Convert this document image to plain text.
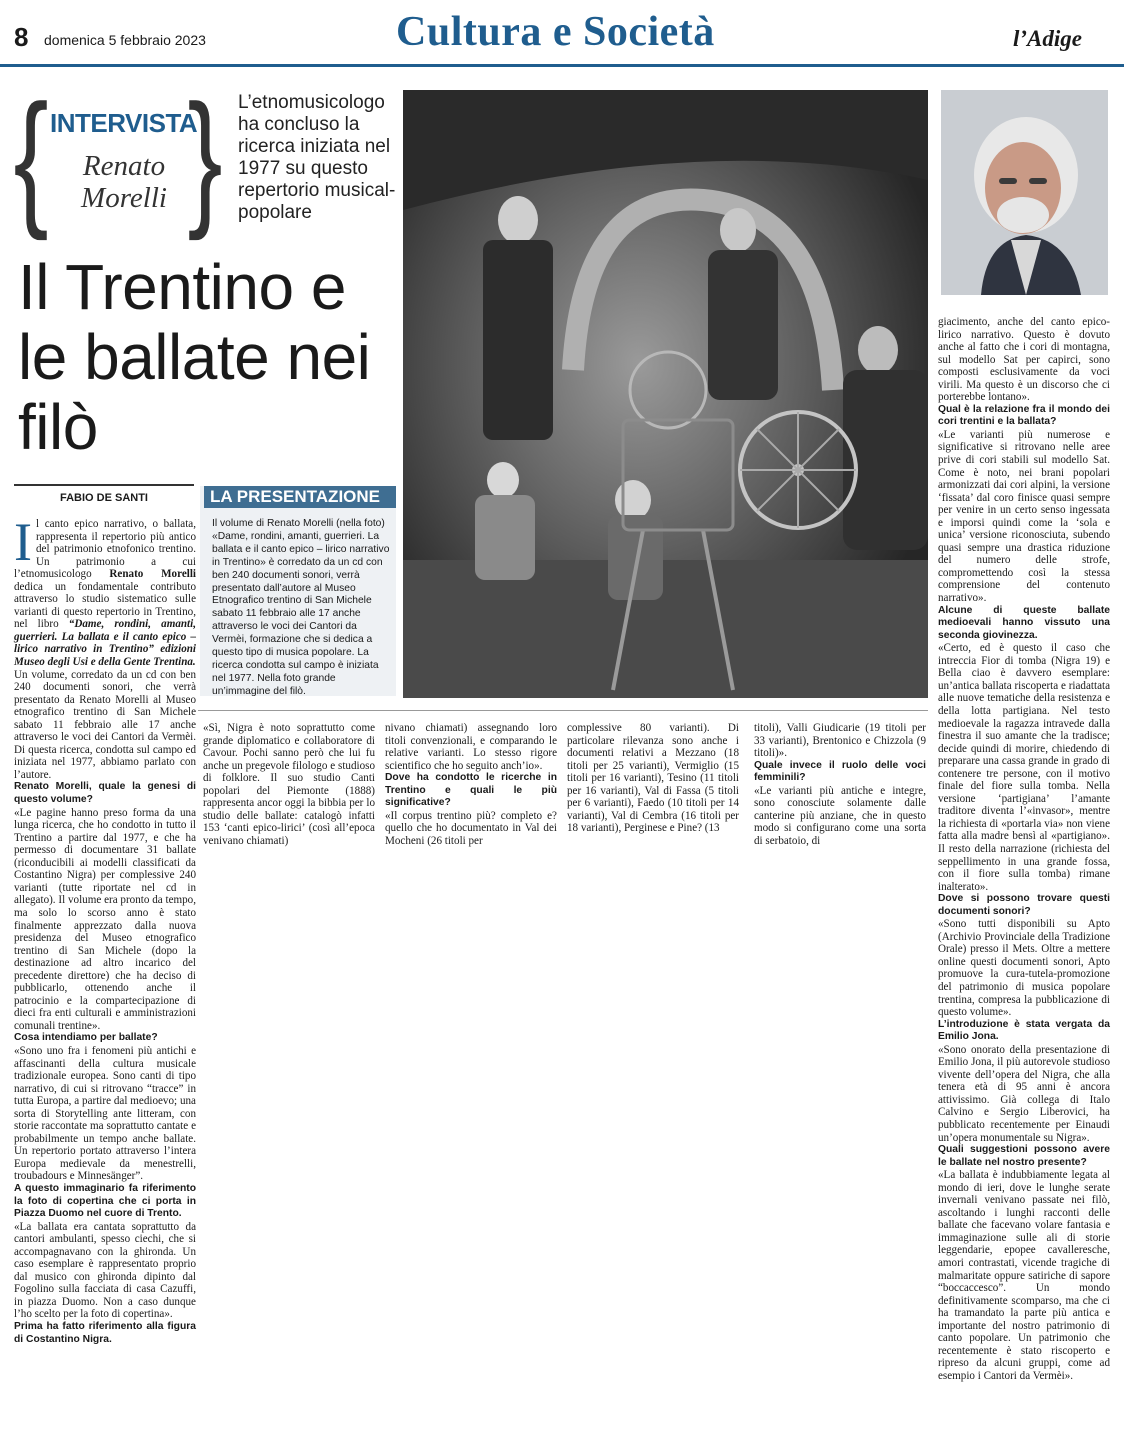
8 domenica 5 febbraio 2023	Cultura e Società	l’Adige
{ }
INTERVISTA
Renato Morelli
L’etnomusicologo ha concluso la ricerca iniziata nel 1977 su questo repertorio musical-popolare
Il Trentino e le ballate nei filò
FABIO DE SANTI	LA PRESENTAZIONE
Il volume di Renato Morelli (nella foto) «Dame, rondini, amanti, guerrieri. La ballata e il canto epico – lirico narrativo in Trentino» è corredato da un cd con ben 240 documenti sonori, verrà presentato dall’autore al Museo Etnografico trentino di San Michele sabato 11 febbraio alle 17 anche attraverso le voci dei Cantori da Vermèi, formazione che si dedica a questo tipo di musica popolare. La ricerca condotta sul campo è iniziata nel 1977. Nella foto grande un’immagine del filò.

Il canto epico narrativo, o ballata, rappresenta il repertorio più antico del patrimonio etnofonico trentino. Un patrimonio a cui l’etnomusicologo Renato Morelli dedica un fondamentale contributo attraverso lo studio sistematico sulle varianti di questo repertorio in Trentino, nel libro “Dame, rondini, amanti, guerrieri. La ballata e il canto epico – lirico narrativo in Trentino” edizioni Museo degli Usi e della Gente Trentina.

Un volume, corredato da un cd con ben 240 documenti sonori, che verrà presentato da Renato Morelli al Museo etnografico trentino di San Michele sabato 11 febbraio alle 17 anche attraverso le voci dei Cantori da Vermèi. Di questa ricerca, condotta sul campo ed iniziata nel 1977, abbiamo parlato con l’autore.

Renato Morelli, quale la genesi di questo volume?

«Le pagine hanno preso forma da una lunga ricerca, che ho condotto in tutto il Trentino a partire dal 1977, e che ha permesso di documentare 31 ballate (riconducibili ai modelli classificati da Costantino Nigra) per complessive 240 varianti (tutte riportate nel cd in allegato). Il volume era pronto da tempo, ma solo lo scorso anno è stato finalmente apprezzato dalla nuova presidenza del Museo etnografico trentino di San Michele (dopo la destinazione ad altro incarico del precedente direttore) che ha deciso di pubblicarlo, ottenendo anche il patrocinio e la compartecipazione di dieci fra enti culturali e amministrazioni comunali trentine».

Cosa intendiamo per ballate?

«Sono uno fra i fenomeni più antichi e affascinanti della cultura musicale tradizionale europea. Sono canti di tipo narrativo, di cui si ritrovano “tracce” in tutta Europa, a partire dal medioevo; una sorta di Storytelling ante litteram, con storie raccontate ma soprattutto cantate e probabilmente un tempo anche ballate. Un repertorio portato attraverso l’intera Europa medievale da menestrelli, troubadours e Minnesänger”.

A questo immaginario fa riferimento la foto di copertina che ci porta in Piazza Duomo nel cuore di Trento.

«La ballata era cantata soprattutto da cantori ambulanti, spesso ciechi, che si accompagnavano con la ghironda. Un caso esemplare è rappresentato proprio dal musico con ghironda dipinto dal Fogolino sulla facciata di casa Cazuffi, in piazza Duomo. Non a caso dunque l’ho scelto per la foto di copertina».

Prima ha fatto riferimento alla figura di Costantino Nigra.

«Sì, Nigra è noto soprattutto come grande diplomatico e collaboratore di Cavour. Pochi sanno però che lui fu anche un pregevole filologo e studioso di folklore. Il suo studio Canti popolari del Piemonte (1888) rappresenta ancor oggi la bibbia per lo studio delle ballate: catalogò infatti 153 ‘canti epico-lirici’ (così all’epoca venivano chiamati)

nivano chiamati) assegnando loro titoli convenzionali, e comparando le relative varianti. Lo stesso rigore scientifico che ho seguito anch’io».

Dove ha condotto le ricerche in Trentino e quali le più significative?

«Il corpus trentino più? completo e? quello che ho documentato in Val dei Mocheni (26 titoli per

complessive 80 varianti). Di particolare rilevanza sono anche i documenti relativi a Mezzano (18 titoli per 25 varianti), Vermiglio (15 titoli per 16 varianti), Tesino (11 titoli per 16 varianti), Val di Fassa (5 titoli per 6 varianti), Faedo (10 titoli per 14 varianti), Val di Cembra (16 titoli per 18 varianti), Perginese e Pine? (13

titoli), Valli Giudicarie (19 titoli per 33 varianti), Brentonico e Chizzola (9 titoli)».

Quale invece il ruolo delle voci femminili?

«Le varianti più antiche e integre, sono conosciute solamente dalle canterine più anziane, che in questo modo si configurano come una sorta di serbatoio, di

giacimento, anche del canto epico-lirico narrativo. Questo è dovuto anche al fatto che i cori di montagna, sul modello Sat per capirci, sono composti esclusivamente da voci virili. Ma questo è un discorso che ci porterebbe lontano».

Qual è la relazione fra il mondo dei cori trentini e la ballata?

«Le varianti più numerose e significative si ritrovano nelle aree prive di cori stabili sul modello Sat. Come è noto, nei brani popolari armonizzati dai cori alpini, la versione ‘fissata’ dal coro finisce quasi sempre per venire in un certo senso ingessata e imporsi quindi come la ‘sola e unica’ versione riconosciuta, subendo quasi sempre una drastica riduzione del numero delle strofe, compromettendo così la stessa comprensione del contenuto narrativo».

Alcune di queste ballate medioevali hanno vissuto una seconda giovinezza.

«Certo, ed è questo il caso che intreccia Fior di tomba (Nigra 19) e Bella ciao è davvero esemplare: un’antica ballata riscoperta e riadattata alle nuove tematiche della resistenza e della lotta partigiana. Nel testo medioevale la ragazza intravede dalla finestra il suo amante che la tradisce; decide quindi di morire, chiedendo di preparare una cassa grande in grado di contenere tre persone, con il motivo finale del fiore sulla tomba. Nella versione ‘partigiana’ l’amante traditore diventa l’«invasor», mentre la richiesta di «portarla via» non viene fatta alla madre bensì al «partigiano». Il resto della narrazione (richiesta del seppellimento in una grande fossa, con il fiore sulla tomba) rimane inalterato».

Dove si possono trovare questi documenti sonori?

«Sono tutti disponibili su Apto (Archivio Provinciale della Tradizione Orale) presso il Mets. Oltre a mettere online questi documenti sonori, Apto promuove la cura-tutela-promozione del patrimonio di musica popolare trentina, compresa la pubblicazione di questo volume».

L’introduzione è stata vergata da Emilio Jona.

«Sono onorato della presentazione di Emilio Jona, il più autorevole studioso vivente dell’opera del Nigra, che alla tenera età di 95 anni è ancora attivissimo. Già collega di Italo Calvino e Sergio Liberovici, ha pubblicato recentemente per Einaudi un’opera monumentale su Nigra».

Quali suggestioni possono avere le ballate nel nostro presente?

«La ballata è indubbiamente legata al mondo di ieri, dove le lunghe serate invernali venivano passate nei filò, ascoltando i lunghi racconti delle ballate che facevano volare fantasia e immaginazione sulle ali di storie leggendarie, epopee cavalleresche, amori contrastati, vicende tragiche di malmaritate oppure satiriche di sapore “boccaccesco”. Un mondo definitivamente scomparso, ma che ci ha tramandato la parte più antica e importante del nostro patrimonio di canto popolare. Un patrimonio che recentemente è stato riscoperto e ripreso da alcuni gruppi, come ad esempio i Cantori da Vermèi».
